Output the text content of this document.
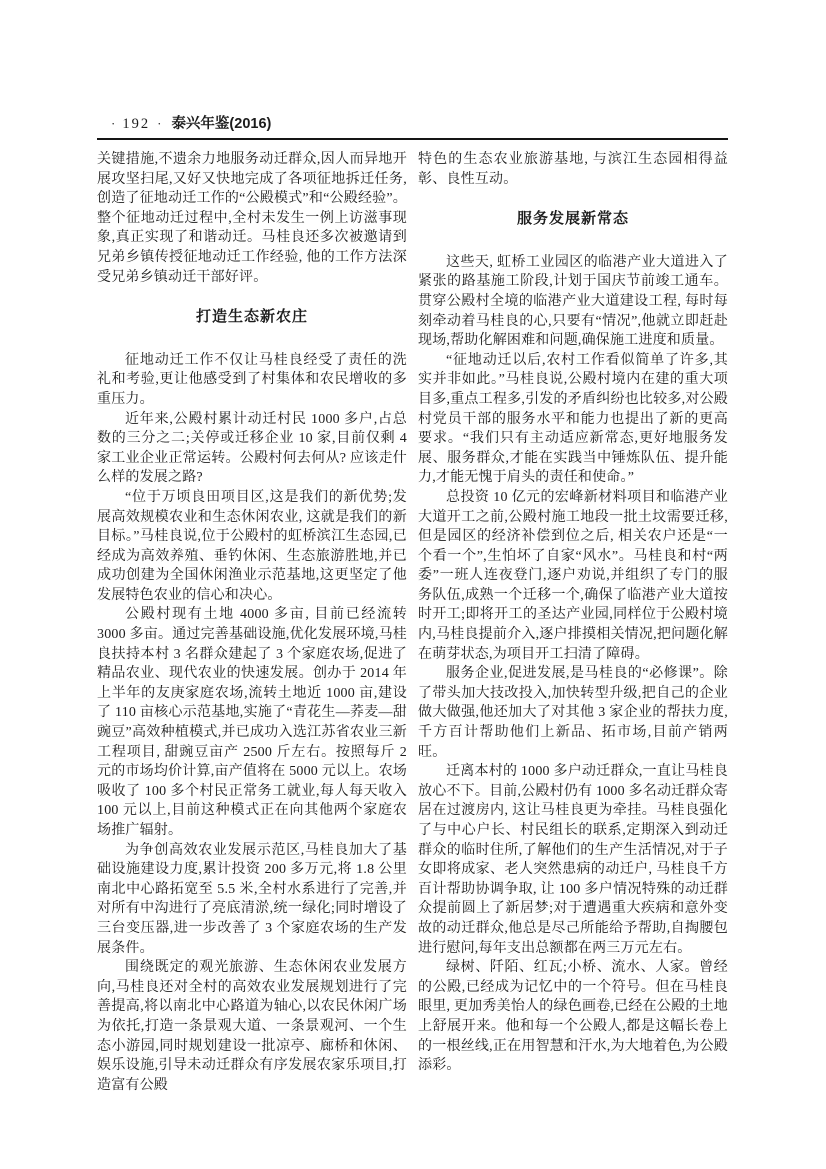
· 192 · 泰兴年鉴(2016)

关键措施,不遗余力地服务动迁群众,因人而异地开展攻坚扫尾,又好又快地完成了各项征地拆迁任务,创造了征地动迁工作的“公殿模式”和“公殿经验”。整个征地动迁过程中,全村未发生一例上访滋事现象,真正实现了和谐动迁。马桂良还多次被邀请到兄弟乡镇传授征地动迁工作经验, 他的工作方法深受兄弟乡镇动迁干部好评。

打造生态新农庄

征地动迁工作不仅让马桂良经受了责任的洗礼和考验,更让他感受到了村集体和农民增收的多重压力。

近年来,公殿村累计动迁村民 1000 多户,占总数的三分之二;关停或迁移企业 10 家,目前仅剩 4 家工业企业正常运转。公殿村何去何从? 应该走什么样的发展之路?

“位于万顷良田项目区,这是我们的新优势;发展高效规模农业和生态休闲农业, 这就是我们的新目标。”马桂良说,位于公殿村的虹桥滨江生态园,已经成为高效养殖、垂钓休闲、生态旅游胜地,并已成功创建为全国休闲渔业示范基地,这更坚定了他发展特色农业的信心和决心。

公殿村现有土地 4000 多亩, 目前已经流转 3000 多亩。通过完善基础设施,优化发展环境,马桂良扶持本村 3 名群众建起了 3 个家庭农场,促进了精品农业、现代农业的快速发展。创办于 2014 年上半年的友庚家庭农场,流转土地近 1000 亩,建设了 110 亩核心示范基地,实施了“青花生—荞麦—甜豌豆”高效种植模式,并已成功入选江苏省农业三新工程项目, 甜豌豆亩产 2500 斤左右。按照每斤 2 元的市场均价计算,亩产值将在 5000 元以上。农场吸收了 100 多个村民正常务工就业,每人每天收入 100 元以上,目前这种模式正在向其他两个家庭农场推广辐射。

为争创高效农业发展示范区,马桂良加大了基础设施建设力度,累计投资 200 多万元,将 1.8 公里南北中心路拓宽至 5.5 米,全村水系进行了完善,并对所有中沟进行了亮底清淤,统一绿化;同时增设了三台变压器,进一步改善了 3 个家庭农场的生产发展条件。

围绕既定的观光旅游、生态休闲农业发展方向,马桂良还对全村的高效农业发展规划进行了完善提高,将以南北中心路道为轴心,以农民休闲广场为依托,打造一条景观大道、一条景观河、一个生态小游园,同时规划建设一批凉亭、廊桥和休闲、娱乐设施,引导未动迁群众有序发展农家乐项目,打造富有公殿

特色的生态农业旅游基地, 与滨江生态园相得益彰、良性互动。

服务发展新常态

这些天, 虹桥工业园区的临港产业大道进入了紧张的路基施工阶段,计划于国庆节前竣工通车。贯穿公殿村全境的临港产业大道建设工程, 每时每刻牵动着马桂良的心,只要有“情况”,他就立即赶赴现场,帮助化解困难和问题,确保施工进度和质量。

“征地动迁以后,农村工作看似简单了许多,其实并非如此。”马桂良说,公殿村境内在建的重大项目多,重点工程多,引发的矛盾纠纷也比较多,对公殿村党员干部的服务水平和能力也提出了新的更高要求。“我们只有主动适应新常态,更好地服务发展、服务群众,才能在实践当中锤炼队伍、提升能力,才能无愧于肩头的责任和使命。”

总投资 10 亿元的宏峰新材料项目和临港产业大道开工之前,公殿村施工地段一批土坟需要迁移,但是园区的经济补偿到位之后, 相关农户还是“一个看一个”,生怕坏了自家“风水”。马桂良和村“两委”一班人连夜登门,逐户劝说,并组织了专门的服务队伍,成熟一个迁移一个,确保了临港产业大道按时开工;即将开工的圣达产业园,同样位于公殿村境内,马桂良提前介入,逐户排摸相关情况,把问题化解在萌芽状态,为项目开工扫清了障碍。

服务企业,促进发展,是马桂良的“必修课”。除了带头加大技改投入,加快转型升级,把自己的企业做大做强,他还加大了对其他 3 家企业的帮扶力度,千方百计帮助他们上新品、拓市场,目前产销两旺。

迁离本村的 1000 多户动迁群众,一直让马桂良放心不下。目前,公殿村仍有 1000 多名动迁群众寄居在过渡房内, 这让马桂良更为牵挂。马桂良强化了与中心户长、村民组长的联系,定期深入到动迁群众的临时住所,了解他们的生产生活情况,对于子女即将成家、老人突然患病的动迁户, 马桂良千方百计帮助协调争取, 让 100 多户情况特殊的动迁群众提前圆上了新居梦;对于遭遇重大疾病和意外变故的动迁群众,他总是尽己所能给予帮助,自掏腰包进行慰问,每年支出总额都在两三万元左右。

绿树、阡陌、红瓦;小桥、流水、人家。曾经的公殿,已经成为记忆中的一个符号。但在马桂良眼里, 更加秀美怡人的绿色画卷,已经在公殿的土地上舒展开来。他和每一个公殿人,都是这幅长卷上的一根丝线,正在用智慧和汗水,为大地着色,为公殿添彩。
